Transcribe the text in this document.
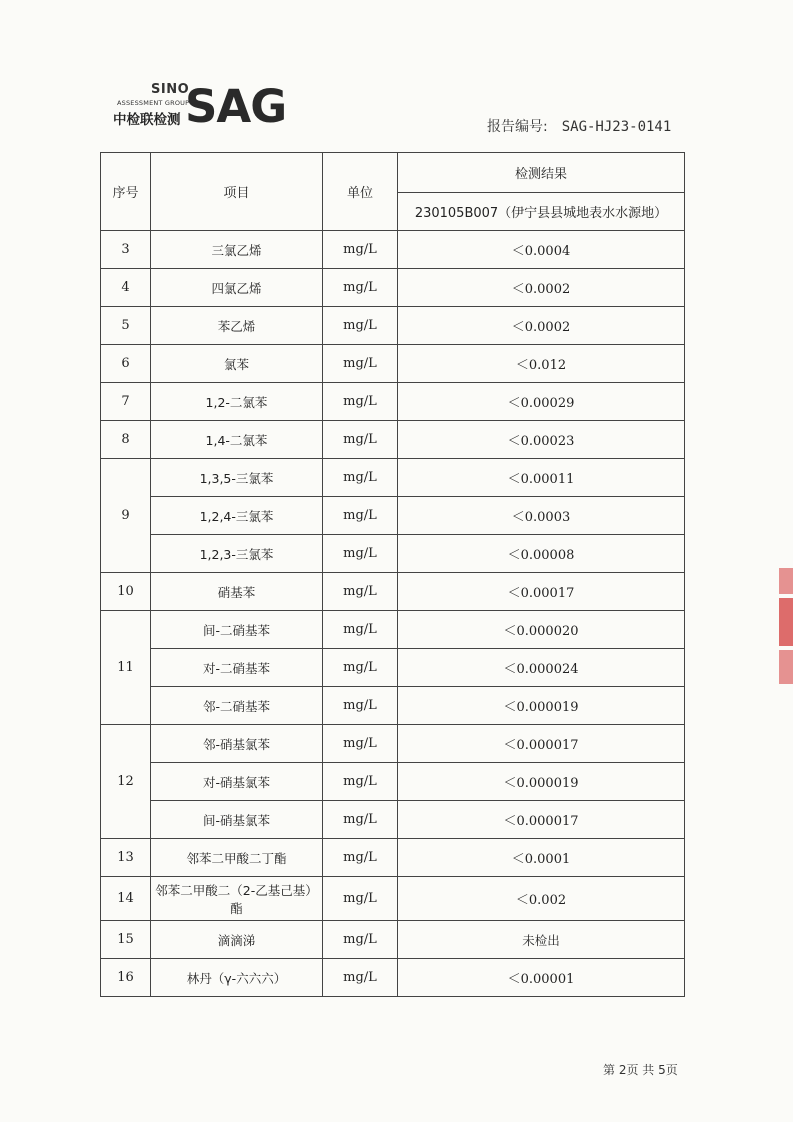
SINO
ASSESSMENT GROUP
中检联检测 SAG	报告编号: SAG-HJ23-0141
序号	项目	单位	检测结果
			230105B007（伊宁县县城地表水水源地）
3	三氯乙烯	mg/L	＜0.0004
4	四氯乙烯	mg/L	＜0.0002
5	苯乙烯	mg/L	＜0.0002
6	氯苯	mg/L	＜0.012
7	1,2-二氯苯	mg/L	＜0.00029
8	1,4-二氯苯	mg/L	＜0.00023
9	1,3,5-三氯苯	mg/L	＜0.00011
	1,2,4-三氯苯	mg/L	＜0.0003
	1,2,3-三氯苯	mg/L	＜0.00008
10	硝基苯	mg/L	＜0.00017
11	间-二硝基苯	mg/L	＜0.000020
	对-二硝基苯	mg/L	＜0.000024
	邻-二硝基苯	mg/L	＜0.000019
12	邻-硝基氯苯	mg/L	＜0.000017
	对-硝基氯苯	mg/L	＜0.000019
	间-硝基氯苯	mg/L	＜0.000017
13	邻苯二甲酸二丁酯	mg/L	＜0.0001
14	邻苯二甲酸二（2-乙基己基）酯	mg/L	＜0.002
15	滴滴涕	mg/L	未检出
16	林丹（γ-六六六）	mg/L	＜0.00001
第 2页 共 5页
